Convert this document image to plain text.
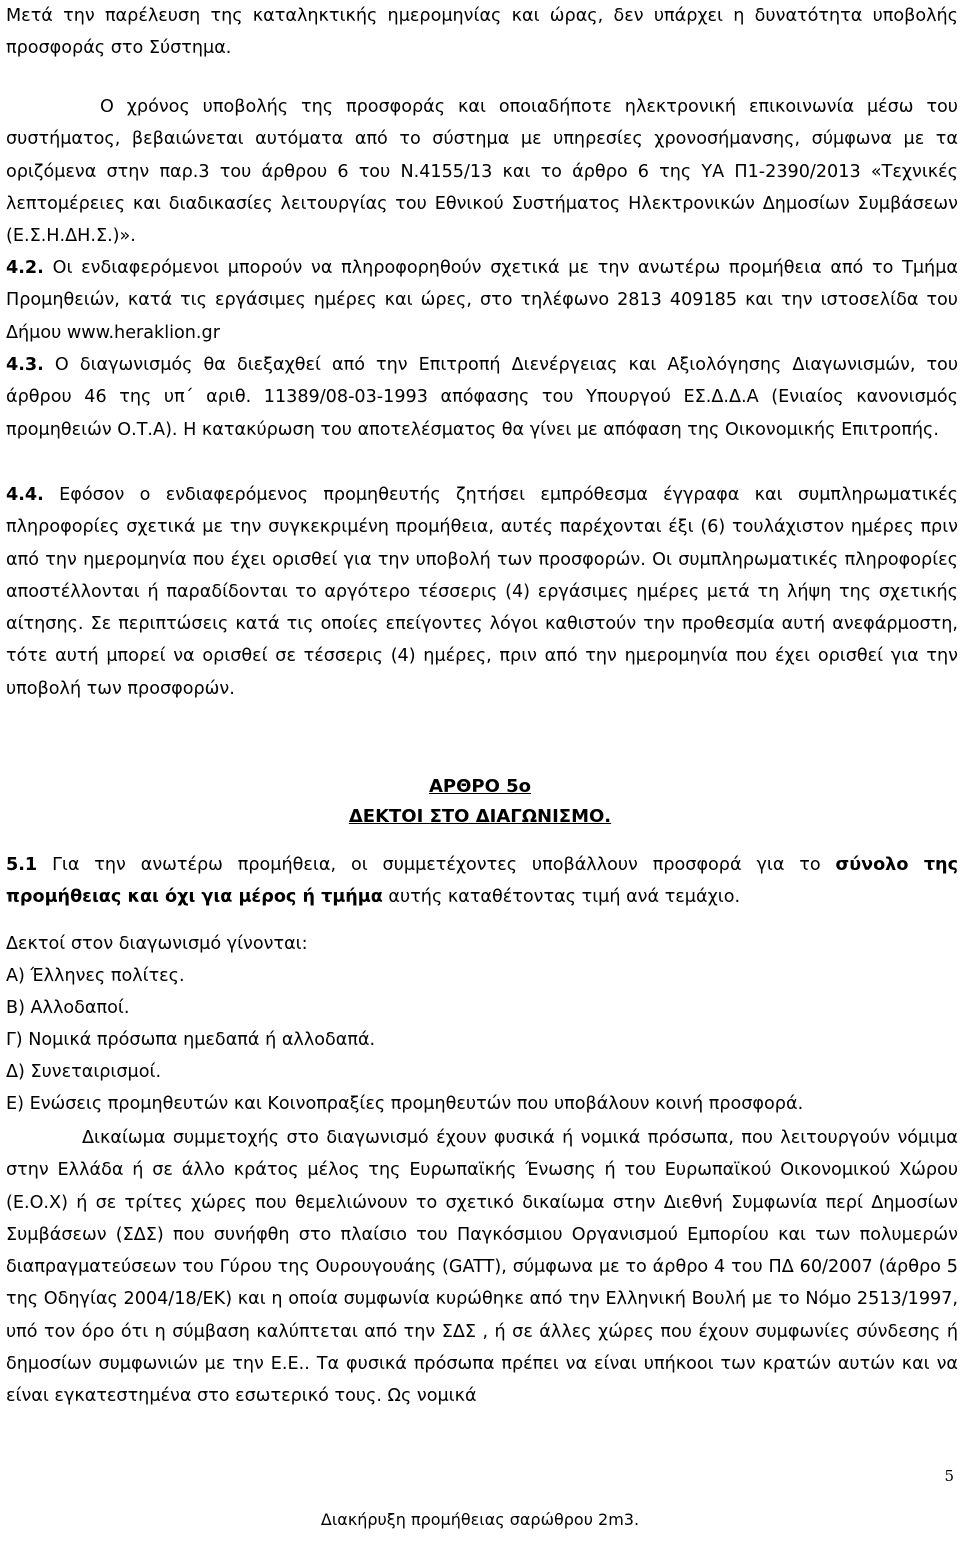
Μετά την παρέλευση της καταληκτικής ημερομηνίας και ώρας, δεν υπάρχει η δυνατότητα υποβολής προσφοράς στο Σύστημα.

Ο χρόνος υποβολής της προσφοράς και οποιαδήποτε ηλεκτρονική επικοινωνία μέσω του συστήματος, βεβαιώνεται αυτόματα από το σύστημα με υπηρεσίες χρονοσήμανσης, σύμφωνα με τα οριζόμενα στην παρ.3 του άρθρου 6 του Ν.4155/13 και το άρθρο 6 της ΥΑ Π1-2390/2013 «Τεχνικές λεπτομέρειες και διαδικασίες λειτουργίας του Εθνικού Συστήματος Ηλεκτρονικών Δημοσίων Συμβάσεων (Ε.Σ.Η.ΔΗ.Σ.)».

4.2. Οι ενδιαφερόμενοι μπορούν να πληροφορηθούν σχετικά με την ανωτέρω προμήθεια από το Τμήμα Προμηθειών, κατά τις εργάσιμες ημέρες και ώρες, στο τηλέφωνο 2813 409185 και την ιστοσελίδα του Δήμου www.heraklion.gr

4.3. Ο διαγωνισμός θα διεξαχθεί από την Επιτροπή Διενέργειας και Αξιολόγησης Διαγωνισμών, του άρθρου 46 της υπ΄ αριθ. 11389/08-03-1993 απόφασης του Υπουργού ΕΣ.Δ.Δ.Α (Ενιαίος κανονισμός προμηθειών Ο.Τ.Α). Η κατακύρωση του αποτελέσματος θα γίνει με απόφαση της Οικονομικής Επιτροπής.

4.4. Εφόσον ο ενδιαφερόμενος προμηθευτής ζητήσει εμπρόθεσμα έγγραφα και συμπληρωματικές πληροφορίες σχετικά με την συγκεκριμένη προμήθεια, αυτές παρέχονται έξι (6) τουλάχιστον ημέρες πριν από την ημερομηνία που έχει ορισθεί για την υποβολή των προσφορών. Οι συμπληρωματικές πληροφορίες αποστέλλονται ή παραδίδονται το αργότερο τέσσερις (4) εργάσιμες ημέρες μετά τη λήψη της σχετικής αίτησης. Σε περιπτώσεις κατά τις οποίες επείγοντες λόγοι καθιστούν την προθεσμία αυτή ανεφάρμοστη, τότε αυτή μπορεί να ορισθεί σε τέσσερις (4) ημέρες, πριν από την ημερομηνία που έχει ορισθεί για την υποβολή των προσφορών.

ΑΡΘΡΟ 5ο

ΔΕΚΤΟΙ ΣΤΟ ΔΙΑΓΩΝΙΣΜΟ.

5.1 Για την ανωτέρω προμήθεια, οι συμμετέχοντες υποβάλλουν προσφορά για το σύνολο της προμήθειας και όχι για μέρος ή τμήμα αυτής καταθέτοντας τιμή ανά τεμάχιο.

Δεκτοί στον διαγωνισμό γίνονται:

Α) Έλληνες πολίτες.

Β) Αλλοδαποί.

Γ) Νομικά πρόσωπα ημεδαπά ή αλλοδαπά.

Δ) Συνεταιρισμοί.

Ε) Ενώσεις προμηθευτών και Κοινοπραξίες προμηθευτών που υποβάλουν κοινή προσφορά.

Δικαίωμα συμμετοχής στο διαγωνισμό έχουν φυσικά ή νομικά πρόσωπα, που λειτουργούν νόμιμα στην Ελλάδα ή σε άλλο κράτος μέλος της Ευρωπαϊκής Ένωσης ή του Ευρωπαϊκού Οικονομικού Χώρου (Ε.Ο.Χ) ή σε τρίτες χώρες που θεμελιώνουν το σχετικό δικαίωμα στην Διεθνή Συμφωνία περί Δημοσίων Συμβάσεων (ΣΔΣ) που συνήφθη στο πλαίσιο του Παγκόσμιου Οργανισμού Εμπορίου και των πολυμερών διαπραγματεύσεων του Γύρου της Ουρουγουάης (GATT), σύμφωνα με το άρθρο 4 του ΠΔ 60/2007 (άρθρο 5 της Οδηγίας 2004/18/ΕΚ) και η οποία συμφωνία κυρώθηκε από την Ελληνική Βουλή με το Νόμο 2513/1997, υπό τον όρο ότι η σύμβαση καλύπτεται από την ΣΔΣ , ή σε άλλες χώρες που έχουν συμφωνίες σύνδεσης ή δημοσίων συμφωνιών με την Ε.Ε.. Τα φυσικά πρόσωπα πρέπει να είναι υπήκοοι των κρατών αυτών και να είναι εγκατεστημένα στο εσωτερικό τους. Ως νομικά

5
Διακήρυξη προμήθειας σαρώθρου 2m3.
